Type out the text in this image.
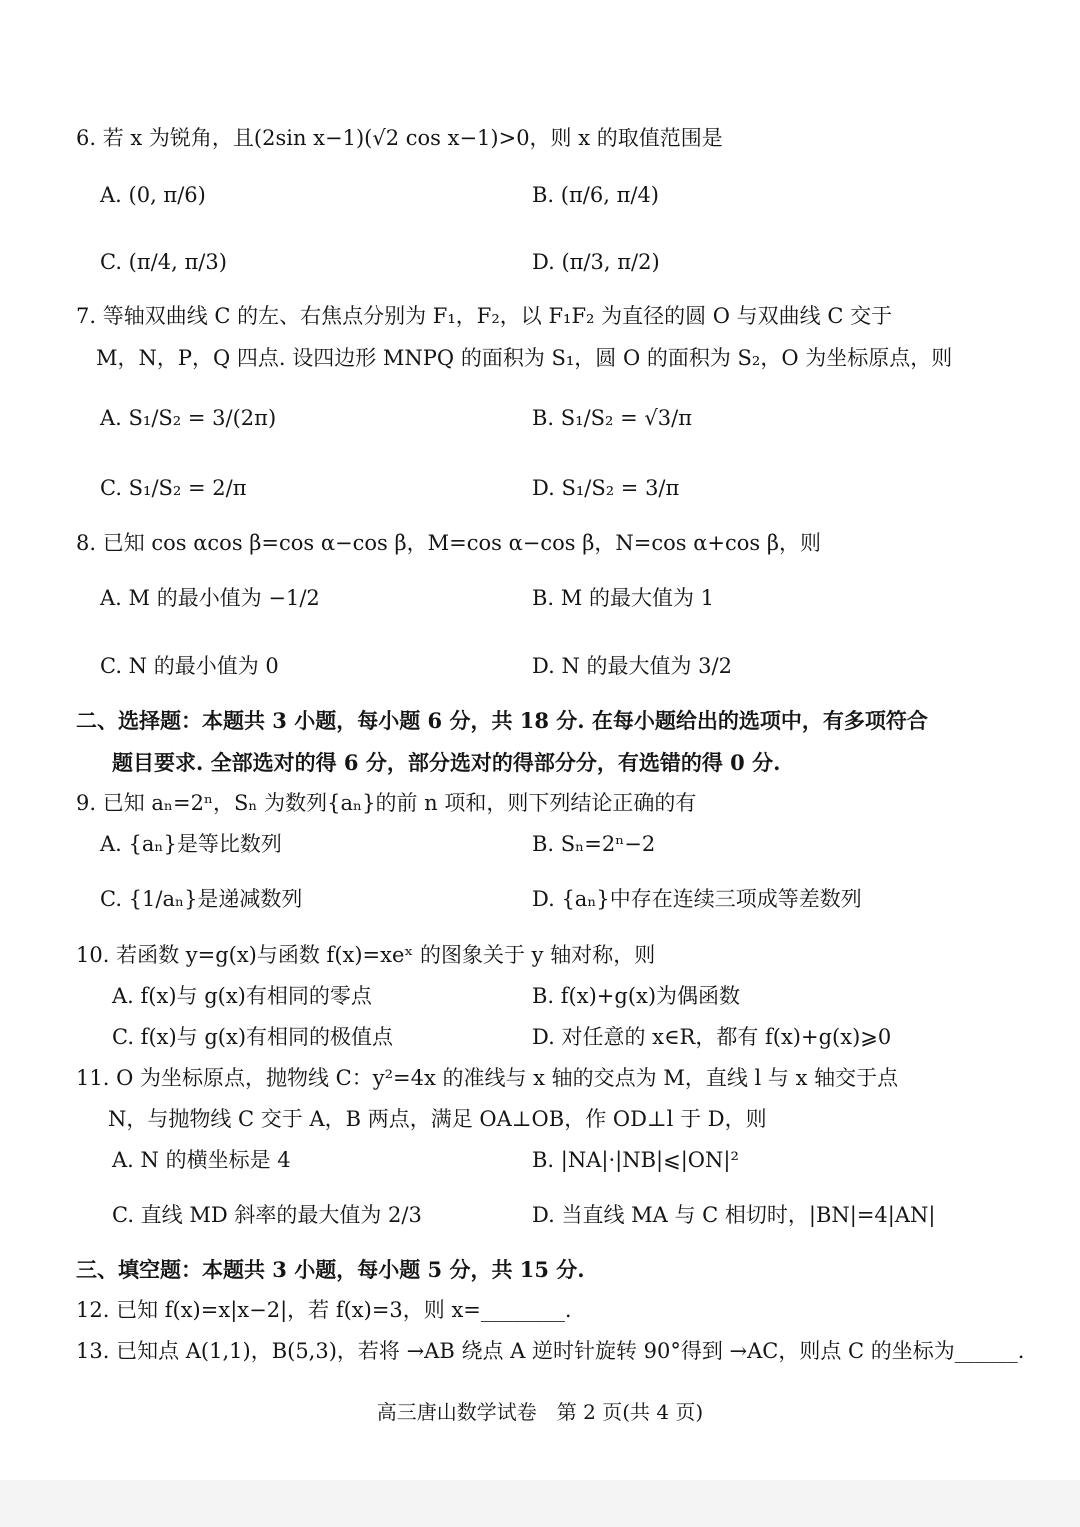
6. 若 x 为锐角，且(2sin x−1)(√2 cos x−1)>0，则 x 的取值范围是
A. (0, π/6)	B. (π/6, π/4)
C. (π/4, π/3)	D. (π/3, π/2)
7. 等轴双曲线 C 的左、右焦点分别为 F₁，F₂，以 F₁F₂ 为直径的圆 O 与双曲线 C 交于
M，N，P，Q 四点. 设四边形 MNPQ 的面积为 S₁，圆 O 的面积为 S₂，O 为坐标原点，则
A. S₁/S₂ = 3/(2π)	B. S₁/S₂ = √3/π
C. S₁/S₂ = 2/π	D. S₁/S₂ = 3/π
8. 已知 cos αcos β=cos α−cos β，M=cos α−cos β，N=cos α+cos β，则
A. M 的最小值为 −1/2	B. M 的最大值为 1
C. N 的最小值为 0	D. N 的最大值为 3/2
二、选择题：本题共 3 小题，每小题 6 分，共 18 分. 在每小题给出的选项中，有多项符合
题目要求. 全部选对的得 6 分，部分选对的得部分分，有选错的得 0 分.
9. 已知 aₙ=2ⁿ，Sₙ 为数列{aₙ}的前 n 项和，则下列结论正确的有
A. {aₙ}是等比数列	B. Sₙ=2ⁿ−2
C. {1/aₙ}是递减数列	D. {aₙ}中存在连续三项成等差数列
10. 若函数 y=g(x)与函数 f(x)=xeˣ 的图象关于 y 轴对称，则
A. f(x)与 g(x)有相同的零点	B. f(x)+g(x)为偶函数
C. f(x)与 g(x)有相同的极值点	D. 对任意的 x∈R，都有 f(x)+g(x)⩾0
11. O 为坐标原点，抛物线 C：y²=4x 的准线与 x 轴的交点为 M，直线 l 与 x 轴交于点
N，与抛物线 C 交于 A，B 两点，满足 OA⊥OB，作 OD⊥l 于 D，则
A. N 的横坐标是 4	B. |NA|·|NB|⩽|ON|²
C. 直线 MD 斜率的最大值为 2/3	D. 当直线 MA 与 C 相切时，|BN|=4|AN|
三、填空题：本题共 3 小题，每小题 5 分，共 15 分.
12. 已知 f(x)=x|x−2|，若 f(x)=3，则 x=________.
13. 已知点 A(1,1)，B(5,3)，若将 →AB 绕点 A 逆时针旋转 90°得到 →AC，则点 C 的坐标为______.
高三唐山数学试卷　第 2 页(共 4 页)
